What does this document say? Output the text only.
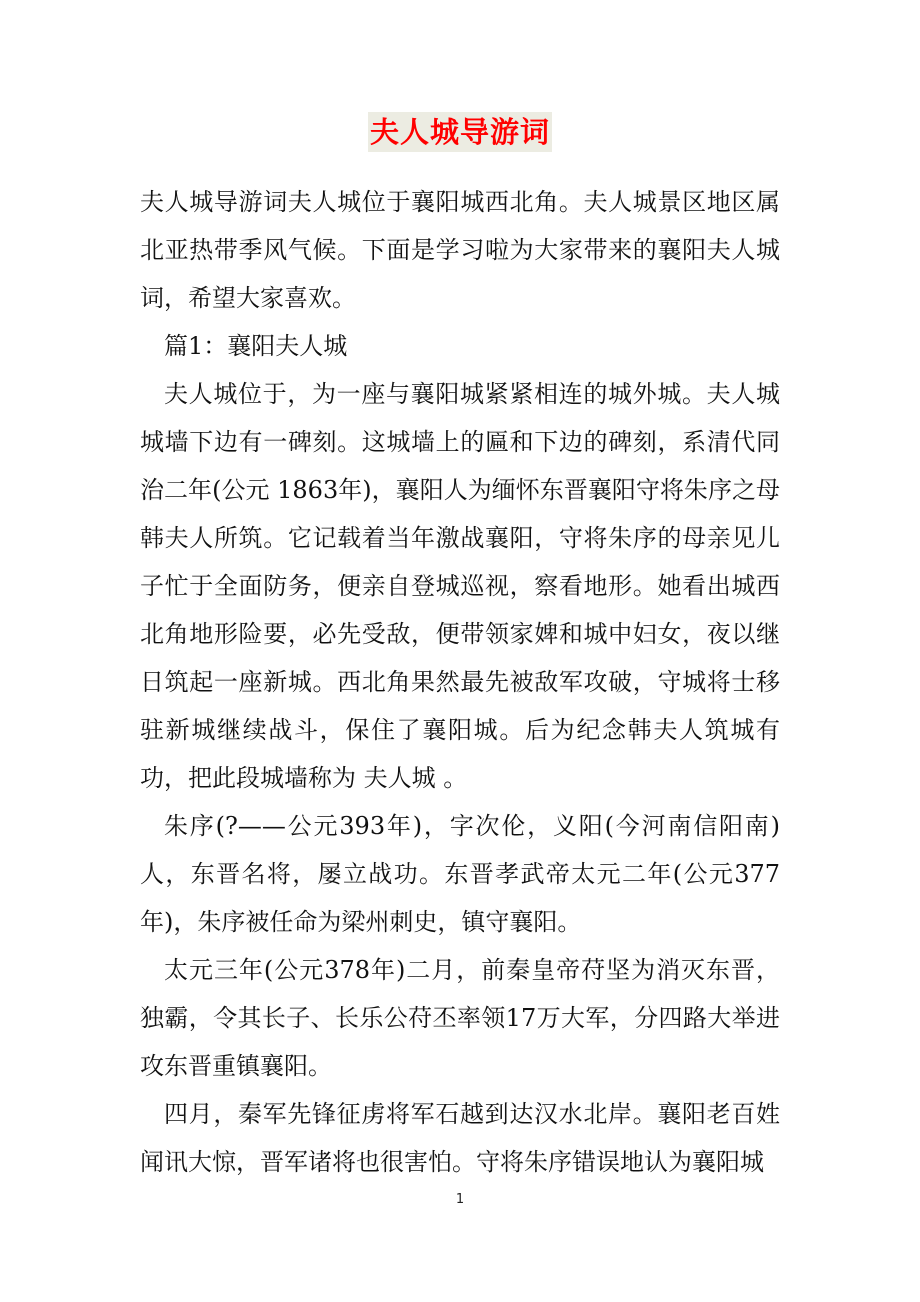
夫人城导游词

夫人城导游词夫人城位于襄阳城西北角。夫人城景区地区属北亚热带季风气候。下面是学习啦为大家带来的襄阳夫人城词，希望大家喜欢。

篇1：襄阳夫人城

夫人城位于，为一座与襄阳城紧紧相连的城外城。夫人城城墙下边有一碑刻。这城墙上的匾和下边的碑刻，系清代同治二年(公元 1863年)，襄阳人为缅怀东晋襄阳守将朱序之母韩夫人所筑。它记载着当年激战襄阳，守将朱序的母亲见儿子忙于全面防务，便亲自登城巡视，察看地形。她看出城西北角地形险要，必先受敌，便带领家婢和城中妇女，夜以继日筑起一座新城。西北角果然最先被敌军攻破，守城将士移驻新城继续战斗，保住了襄阳城。后为纪念韩夫人筑城有功，把此段城墙称为 夫人城 。

朱序(?——公元393年)，字次伦，义阳(今河南信阳南)人，东晋名将，屡立战功。东晋孝武帝太元二年(公元377年)，朱序被任命为梁州刺史，镇守襄阳。

太元三年(公元378年)二月，前秦皇帝苻坚为消灭东晋，独霸，令其长子、长乐公苻丕率领17万大军，分四路大举进攻东晋重镇襄阳。

四月，秦军先锋征虏将军石越到达汉水北岸。襄阳老百姓闻讯大惊，晋军诸将也很害怕。守将朱序错误地认为襄阳城

1
